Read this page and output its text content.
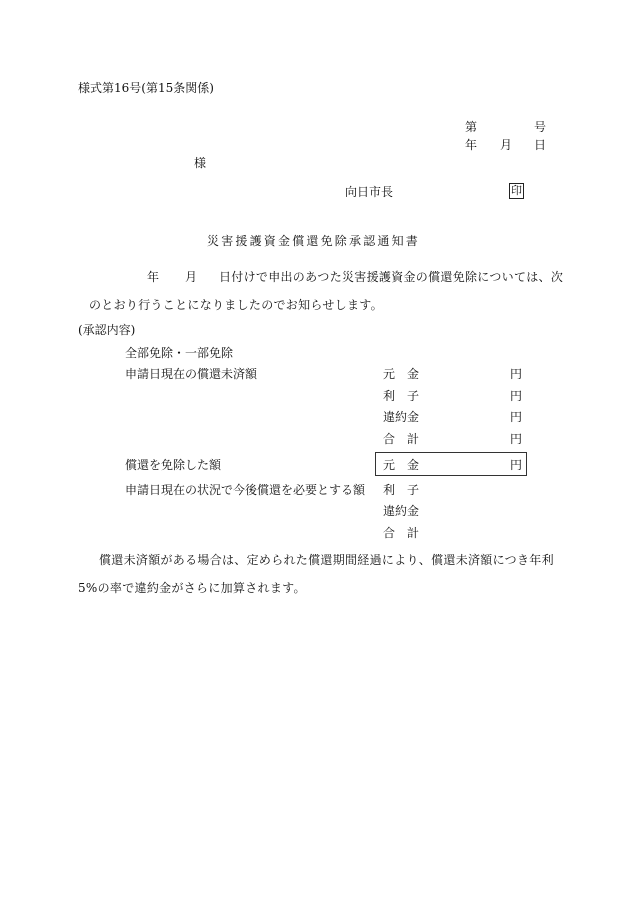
様式第16号(第15条関係)
第	号
年 月 日
様
向日市長	印
災害援護資金償還免除承認通知書
年 月 日付けで申出のあつた災害援護資金の償還免除については、次
のとおり行うことになりましたのでお知らせします。
(承認内容)
全部免除・一部免除
申請日現在の償還未済額	元　金	円
利　子	円
違約金	円
合　計	円
償還を免除した額	元　金	円
申請日現在の状況で今後償還を必要とする額 利　子
違約金
合　計
償還未済額がある場合は、定められた償還期間経過により、償還未済額につき年利
5%の率で違約金がさらに加算されます。
